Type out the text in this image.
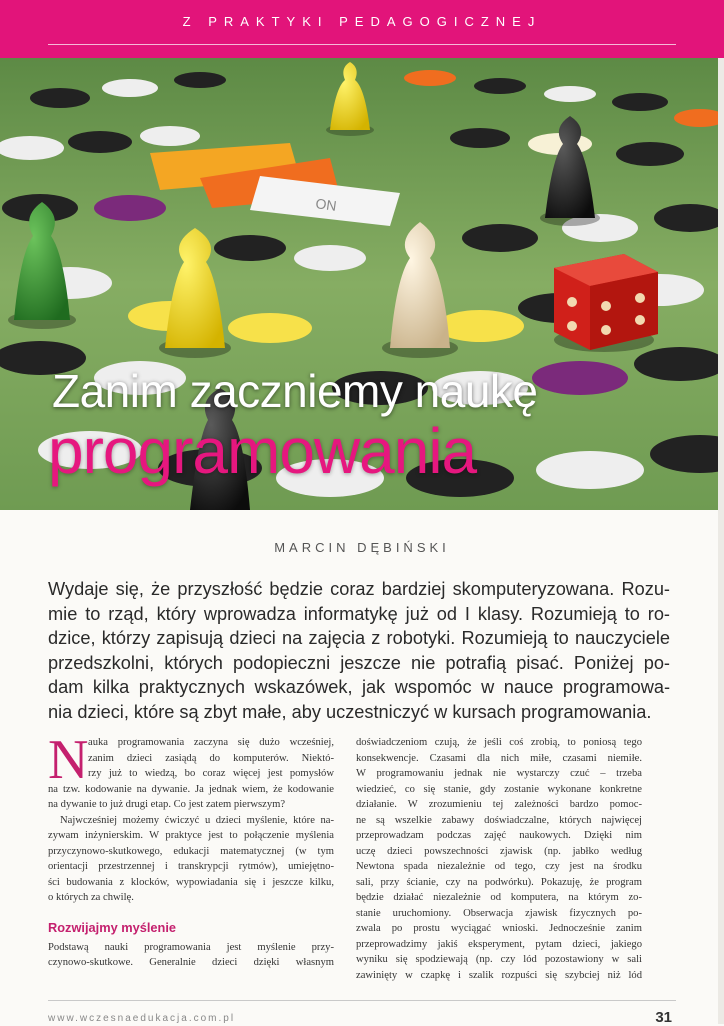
Z PRAKTYKI PEDAGOGICZNEJ
ON
Zanim zaczniemy naukę
programowania
MARCIN DĘBIŃSKI
Wydaje się, że przyszłość będzie coraz bardziej skomputeryzowana. Rozu-
mie to rząd, który wprowadza informatykę już od I klasy. Rozumieją to ro-
dzice, którzy zapisują dzieci na zajęcia z robotyki. Rozumieją to nauczyciele
przedszkolni, których podopieczni jeszcze nie potrafią pisać. Poniżej po-
dam kilka praktycznych wskazówek, jak wspomóc w nauce programowa-
nia dzieci, które są zbyt małe, aby uczestniczyć w kursach programowania.
N auka programowania zaczyna się dużo wcześniej,
zanim dzieci zasiądą do komputerów. Niektó-
rzy już to wiedzą, bo coraz więcej jest pomysłów
na tzw. kodowanie na dywanie. Ja jednak wiem, że kodowanie
na dywanie to już drugi etap. Co jest zatem pierwszym?
Najwcześniej możemy ćwiczyć u dzieci myślenie, które na-
zywam inżynierskim. W praktyce jest to połączenie myślenia
przyczynowo-skutkowego, edukacji matematycznej (w tym
orientacji przestrzennej i transkrypcji rytmów), umiejętno-
ści budowania z klocków, wypowiadania się i jeszcze kilku,
o których za chwilę.
Rozwijajmy myślenie
Podstawą nauki programowania jest myślenie przy-
czynowo-skutkowe. Generalnie dzieci dzięki własnym
doświadczeniom czują, że jeśli coś zrobią, to poniosą tego
konsekwencje. Czasami dla nich miłe, czasami niemiłe.
W programowaniu jednak nie wystarczy czuć – trzeba
wiedzieć, co się stanie, gdy zostanie wykonane konkretne
działanie. W zrozumieniu tej zależności bardzo pomoc-
ne są wszelkie zabawy doświadczalne, których najwięcej
przeprowadzam podczas zajęć naukowych. Dzięki nim
uczę dzieci powszechności zjawisk (np. jabłko według
Newtona spada niezależnie od tego, czy jest na środku
sali, przy ścianie, czy na podwórku). Pokazuję, że program
będzie działać niezależnie od komputera, na którym zo-
stanie uruchomiony. Obserwacja zjawisk fizycznych po-
zwala po prostu wyciągać wnioski. Jednocześnie zanim
przeprowadzimy jakiś eksperyment, pytam dzieci, jakiego
wyniku się spodziewają (np. czy lód pozostawiony w sali
zawinięty w czapkę i szalik rozpuści się szybciej niż lód
www.wczesnaedukacja.com.pl	31
